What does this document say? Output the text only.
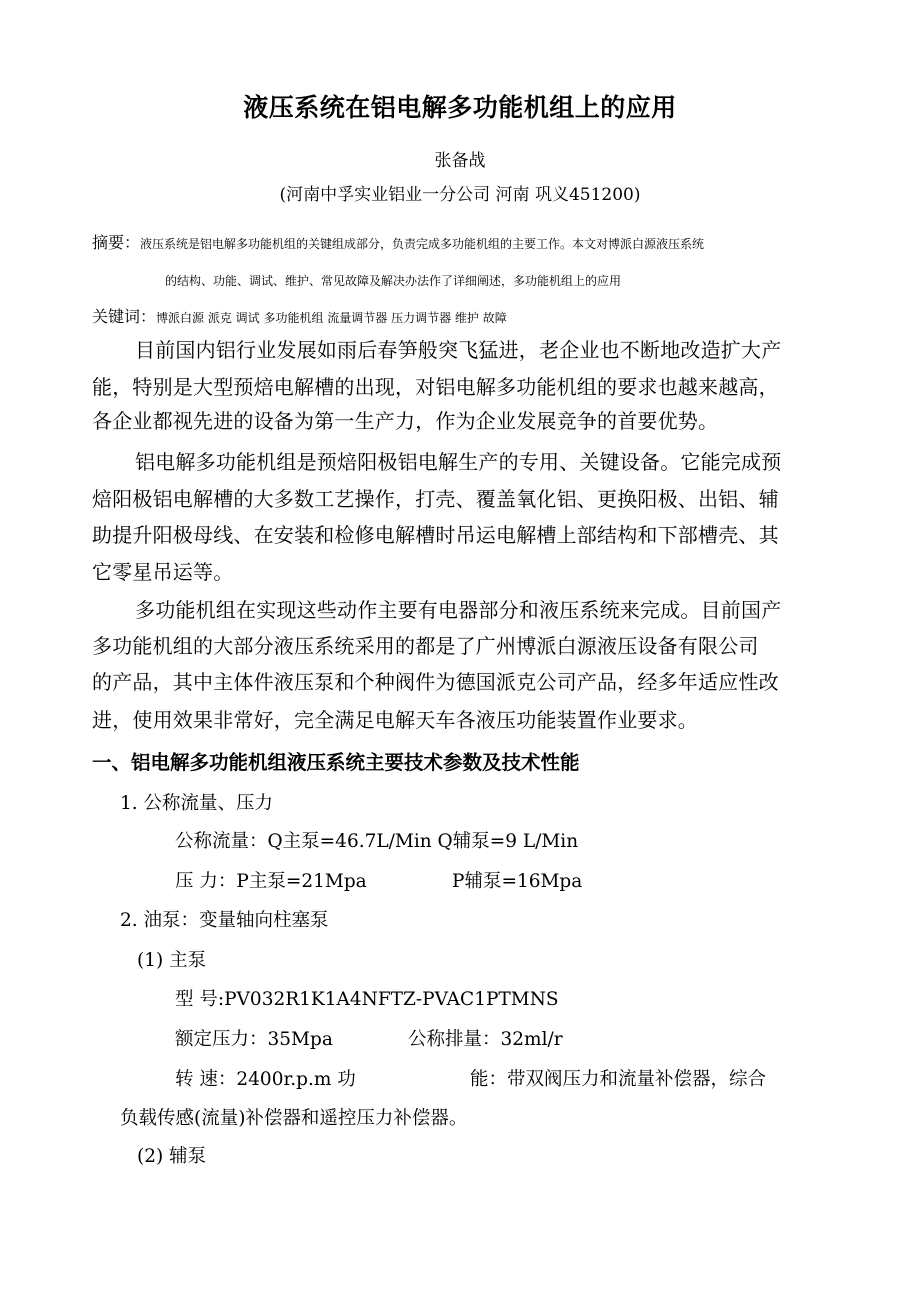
液压系统在铝电解多功能机组上的应用
张备战
(河南中孚实业铝业一分公司 河南 巩义451200)
摘要：液压系统是铝电解多功能机组的关键组成部分，负责完成多功能机组的主要工作。本文对博派白源液压系统
的结构、功能、调试、维护、常见故障及解决办法作了详细阐述，多功能机组上的应用
关键词：博派白源 派克 调试 多功能机组 流量调节器 压力调节器 维护 故障
目前国内铝行业发展如雨后春笋般突飞猛进，老企业也不断地改造扩大产
能，特别是大型预焙电解槽的出现，对铝电解多功能机组的要求也越来越高，
各企业都视先进的设备为第一生产力，作为企业发展竞争的首要优势。
铝电解多功能机组是预焙阳极铝电解生产的专用、关键设备。它能完成预
焙阳极铝电解槽的大多数工艺操作，打壳、覆盖氧化铝、更换阳极、出铝、辅
助提升阳极母线、在安装和检修电解槽时吊运电解槽上部结构和下部槽壳、其
它零星吊运等。
多功能机组在实现这些动作主要有电器部分和液压系统来完成。目前国产
多功能机组的大部分液压系统采用的都是了广州博派白源液压设备有限公司
的产品，其中主体件液压泵和个种阀件为德国派克公司产品，经多年适应性改
进，使用效果非常好，完全满足电解天车各液压功能装置作业要求。
一、铝电解多功能机组液压系统主要技术参数及技术性能
1. 公称流量、压力
公称流量：Q主泵=46.7L/Min Q辅泵=9 L/Min
压 力：P主泵=21Mpa	P辅泵=16Mpa
2. 油泵：变量轴向柱塞泵
(1) 主泵
型 号:PV032R1K1A4NFTZ-PVAC1PTMNS
额定压力：35Mpa	公称排量：32ml/r
转 速：2400r.p.m 功	能：带双阀压力和流量补偿器，综合
负载传感(流量)补偿器和遥控压力补偿器。
(2) 辅泵
